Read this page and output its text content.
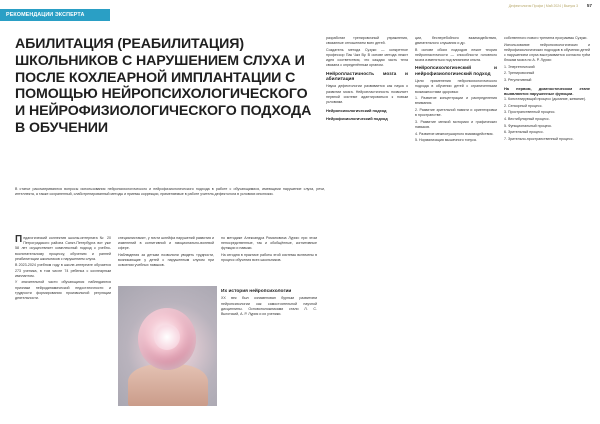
РЕКОМЕНДАЦИИ ЭКСПЕРТА
Дефектология Профи | Май 2024 | Выпуск 3 57
АБИЛИТАЦИЯ (РЕАБИЛИТАЦИЯ) ШКОЛЬНИКОВ С НАРУШЕНИЕМ СЛУХА И ПОСЛЕ КОХЛЕАРНОЙ ИМПЛАНТАЦИИ С ПОМОЩЬЮ НЕЙРОПСИХОЛОГИЧЕСКОГО И НЕЙРОФИЗИОЛОГИЧЕСКОГО ПОДХОДА В ОБУЧЕНИИ

В статье рассматриваются вопросы использования нейропсихологического и нейрофизиологического подхода в работе с обучающимися, имеющими нарушение слуха, речи, интеллекта, а также сохраненный, слаботренированный методы и приемы коррекции, применяемые в работе учителя-дефектолога в условиях инклюзии.

Педагогический коллектив школы-интерната № 20 Петроградского района Санкт-Петербурга вот уже 58 лет осуществляет комплексный подход к учебно-воспитательному процессу, обучению и ранней реабилитации школьников с нарушением слуха.

В 2023-2024 учебном году в школе-интернате обучается 273 ученика, в том числе 74 ребенка с кохлеарным имплантом.

У значительной части обучающихся наблюдаются признаки нейродинамической недостаточности и трудности формирования произвольной регуляции деятельности.

специалистами», у почти шлейфа нарушений развития и изменений в когнитивной и эмоционально-волевой сфере.

Наблюдения за детьми позволили увидеть трудности, возникающие у детей с нарушенным слухом при освоении учебных навыков.

по методике Александра Романовича Лурии: при этом непосредственные, так и обобщённые, когнитивные функции и навыки.

На сегодня в практике работы этой системы включены в процесс обучения всех школьников.

Их история нейропсихологии

XX век был ознаменован бурным развитием нейропсихологии как самостоятельной научной дисциплины. Основоположниками стали Л. С. Выготский, А. Р. Лурия и их ученики.

разработал тренировочный упражнения, связанные отношением всех детей.

Создатель метода Сузуки — конкретное профессор Пак Чжэ Ву. В основе метода лежит идея соответствия, что каждая часть тела связана с определённым органом.

Нейропластичность мозга и абилитация

Наука дефектологии развивается как наука о развитии мозга. Нейропластичность позволяет нервной системе адаптироваться к новым условиям.

Нейропсихологический подход
Нейрофизиологический подход

ции, бесперебойного взаимодействия, двигательного слушания и др.

В основе обоих подходов лежит теория нейропластичности — способности головного мозга изменяться под влиянием опыта.

Нейропсихологический и нейрофизиологический подход

Цели применения нейропсихологического подхода в обучении детей с ограниченными возможностями здоровья:

1. Развитие концентрации и распределения внимания.

2. Развитие зрительной памяти и ориентировки в пространстве.

3. Развитие мелкой моторики и графических навыков.

4. Развитие межполушарного взаимодействия.

5. Нормализация мышечного тонуса.

собственного нового тренинга программы Сузуки.

Использование нейропсихологических и нейрофизиологических подходов в обучении детей с нарушением слуха выстраивается согласно трём блокам мозга по А. Р. Лурии:

1. Энергетический

2. Тренировочный

3. Регулятивный

На первом, диагностическом этапе выявляются нарушенные функции.

1. Констатирующий процесс (дыхание, жевание).

2. Сенсорный процесс.

3. Пространственный процесс.

4. Вестибулярный процесс.

5. Функциональный процесс.

6. Зрительный процесс.

7. Зрительно-пространственный процесс.
